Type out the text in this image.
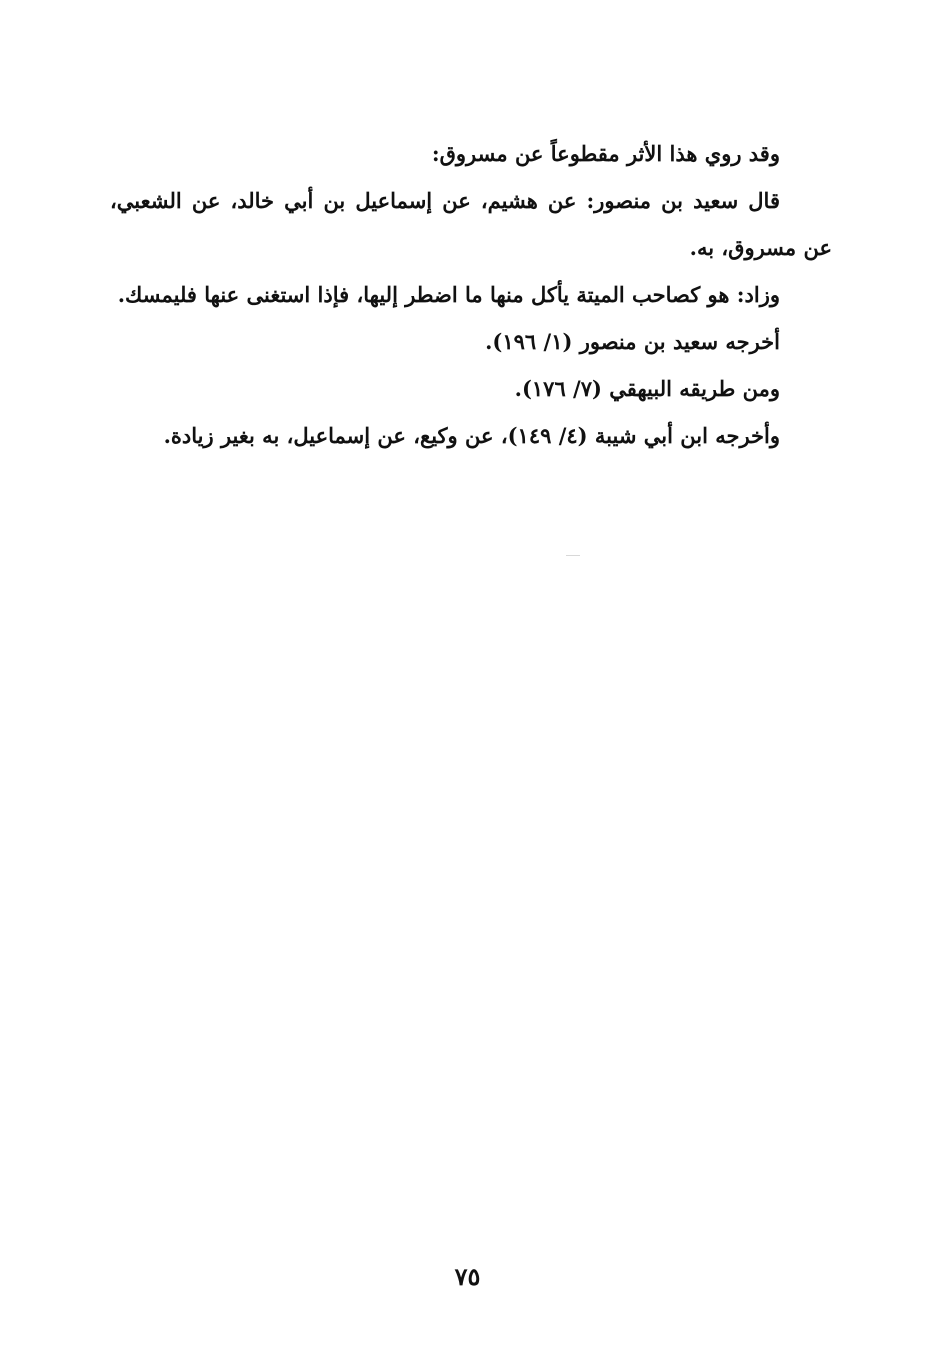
وقد روي هذا الأثر مقطوعاً عن مسروق:
قال سعيد بن منصور: عن هشيم، عن إسماعيل بن أبي خالد، عن الشعبي،
عن مسروق، به.
وزاد: هو كصاحب الميتة يأكل منها ما اضطر إليها، فإذا استغنى عنها فليمسك.
أخرجه سعيد بن منصور (١/ ١٩٦).
ومن طريقه البيهقي (٧/ ١٧٦).
وأخرجه ابن أبي شيبة (٤/ ١٤٩)، عن وكيع، عن إسماعيل، به بغير زيادة.
٧٥
